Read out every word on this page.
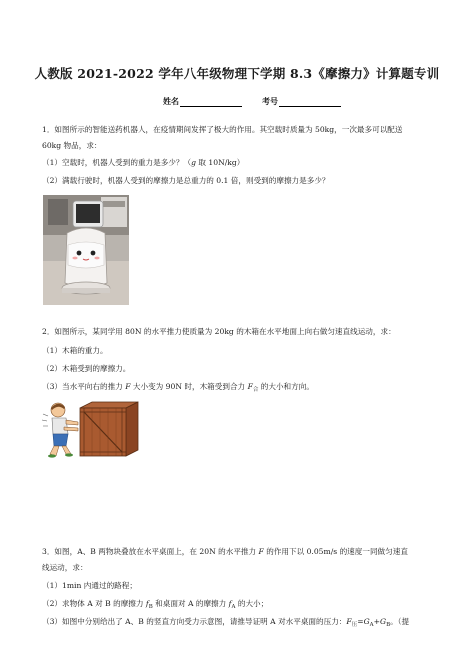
人教版 2021-2022 学年八年级物理下学期 8.3《摩擦力》计算题专训
姓名	考号
1．如图所示的智能送药机器人，在疫情期间发挥了极大的作用。其空载时质量为 50kg，一次最多可以配送
60kg 物品，求：
（1）空载时，机器人受到的重力是多少？（g 取 10N/kg）
（2）满载行驶时，机器人受到的摩擦力是总重力的 0.1 倍，则受到的摩擦力是多少？
2．如图所示，某同学用 80N 的水平推力使质量为 20kg 的木箱在水平地面上向右做匀速直线运动，求：
（1）木箱的重力。
（2）木箱受到的摩擦力。
（3）当水平向右的推力 F 大小变为 90N 时，木箱受到合力 $F_合$ 的大小和方向。
3．如图，A、B 两物块叠放在水平桌面上，在 20N 的水平推力 F 的作用下以 0.05m/s 的速度一同做匀速直
线运动，求：
（1）1min 内通过的路程；
（2）求物体 A 对 B 的摩擦力 $f_B$ 和桌面对 A 的摩擦力 $f_A$ 的大小；
（3）如图中分别给出了 A、B 的竖直方向受力示意图，请推导证明 A 对水平桌面的压力：$F_压=G_A+G_B$。（提
